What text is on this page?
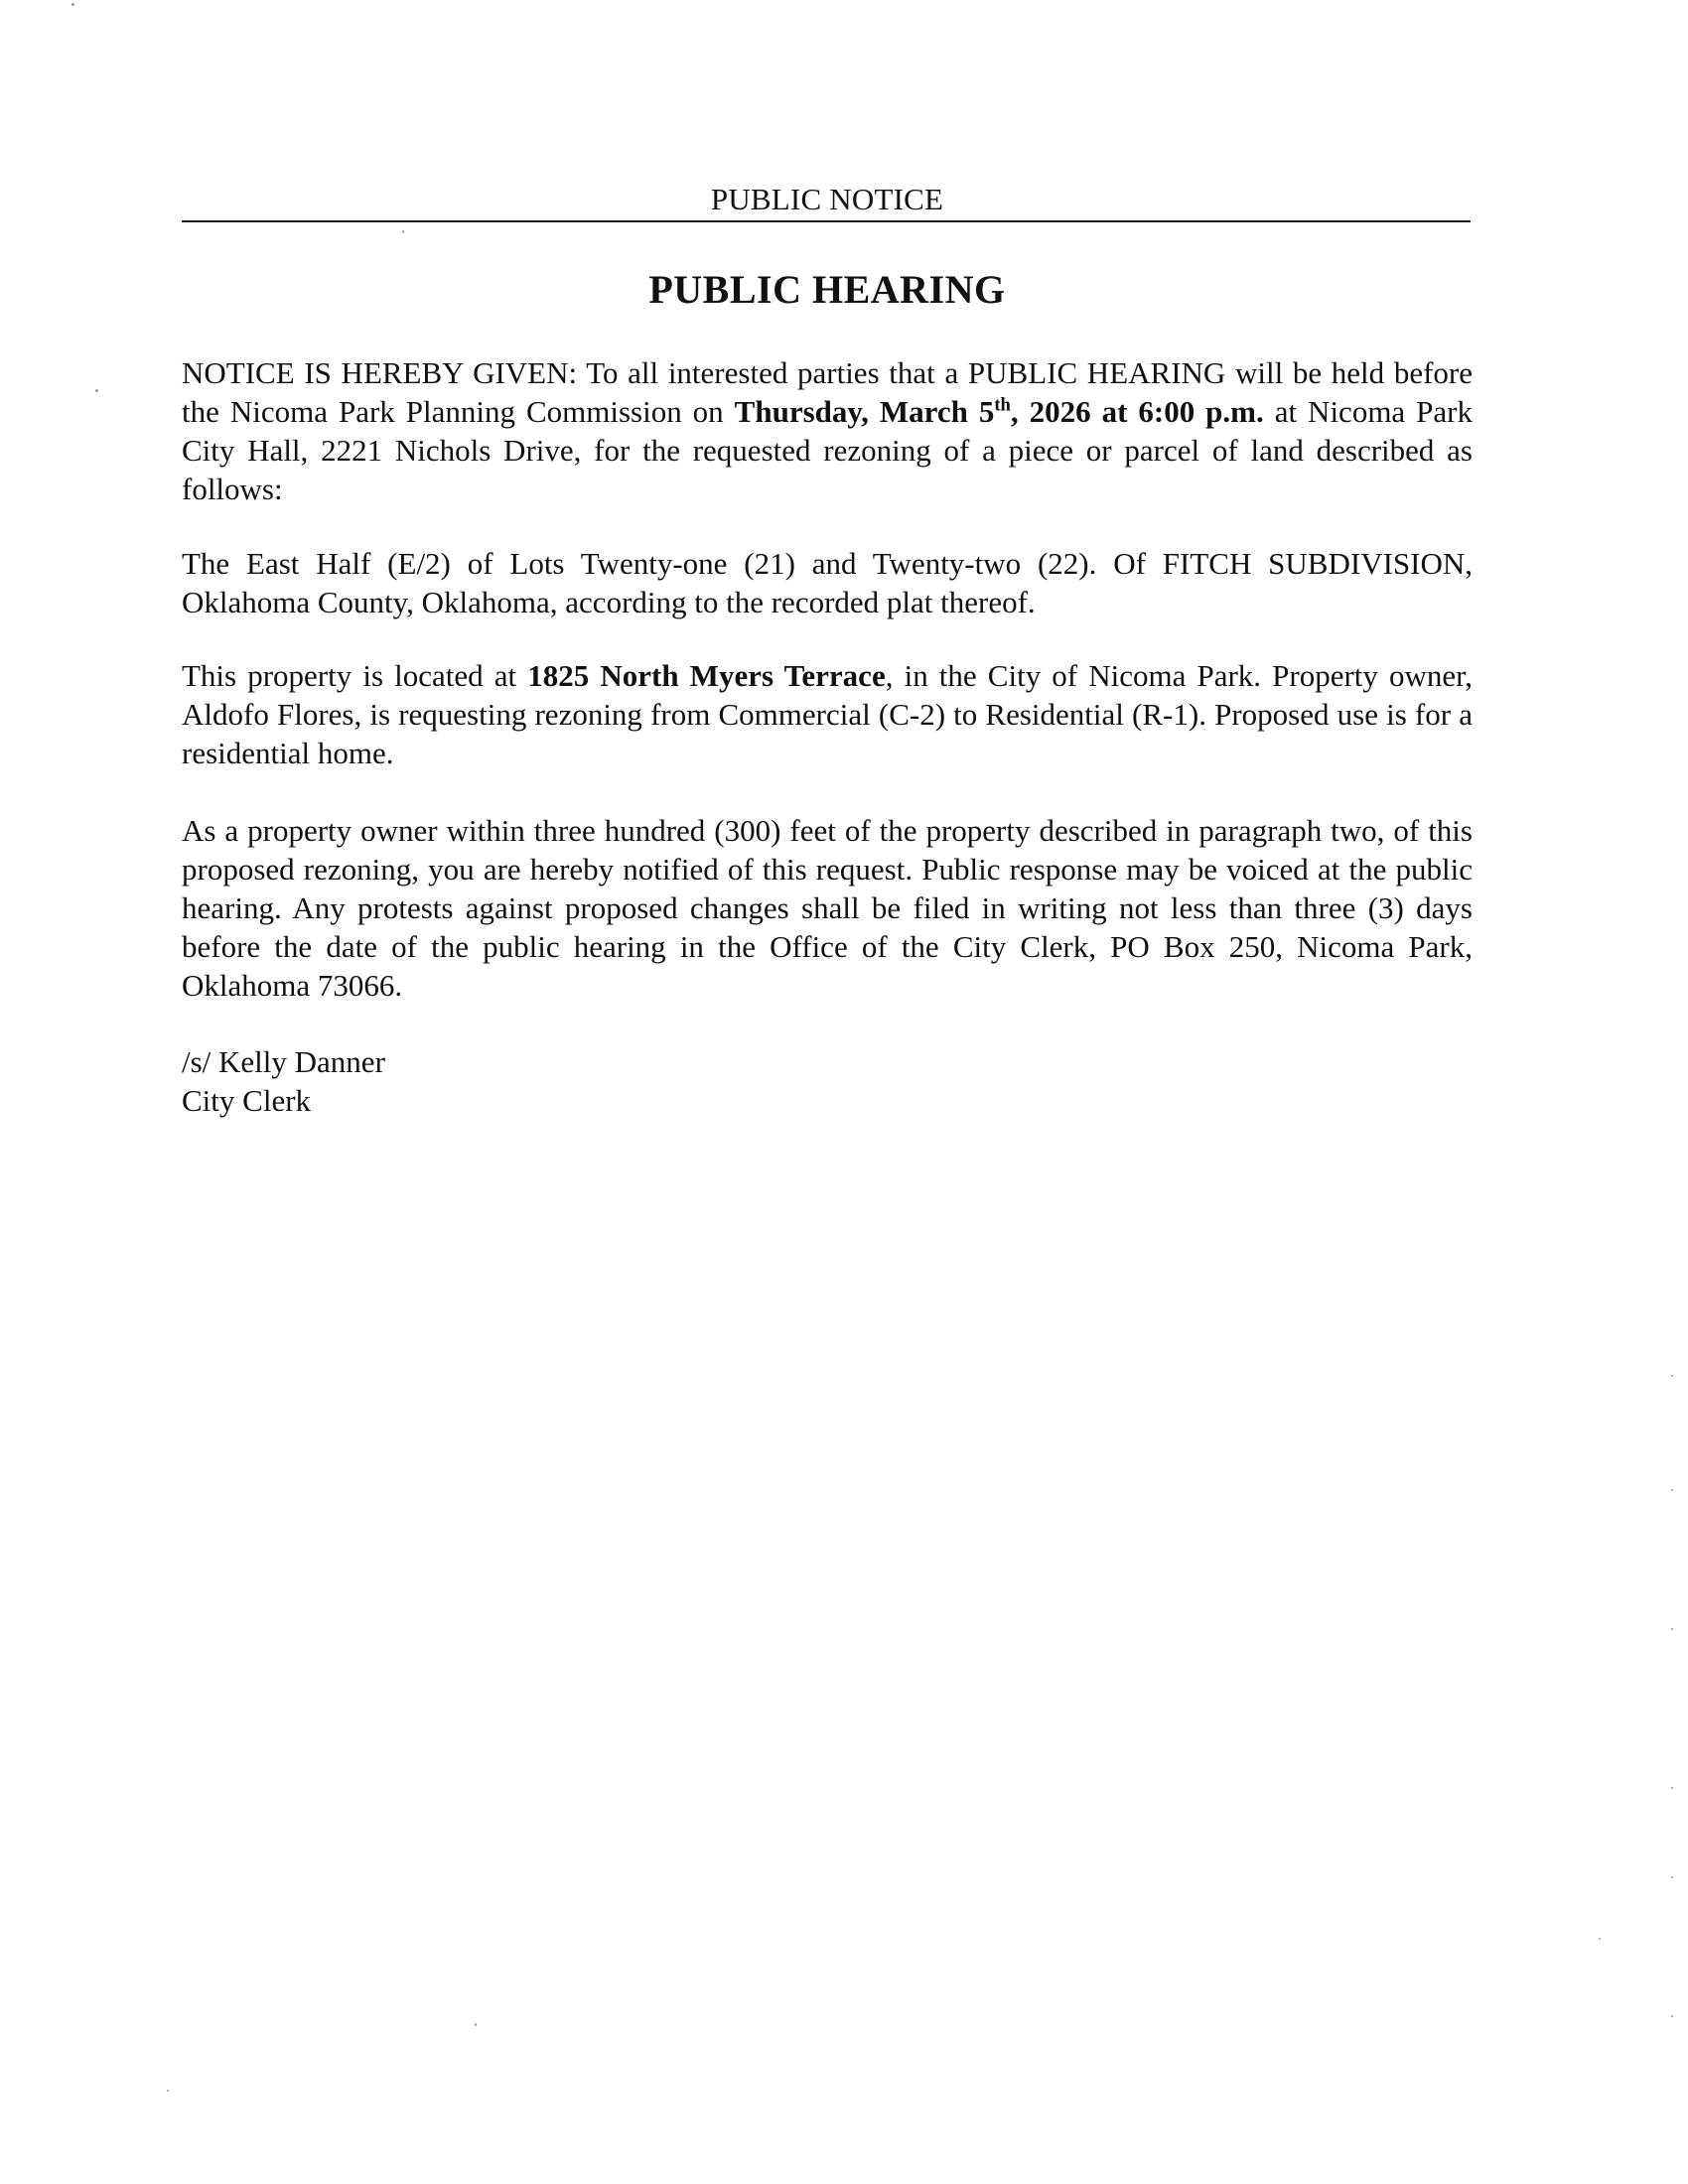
PUBLIC NOTICE
PUBLIC HEARING

NOTICE IS HEREBY GIVEN: To all interested parties that a PUBLIC HEARING will be held before the Nicoma Park Planning Commission on Thursday, March 5th, 2026 at 6:00 p.m. at Nicoma Park City Hall, 2221 Nichols Drive, for the requested rezoning of a piece or parcel of land described as follows:

The East Half (E/2) of Lots Twenty-one (21) and Twenty-two (22). Of FITCH SUBDIVISION, Oklahoma County, Oklahoma, according to the recorded plat thereof.

This property is located at 1825 North Myers Terrace, in the City of Nicoma Park. Property owner, Aldofo Flores, is requesting rezoning from Commercial (C-2) to Residential (R-1). Proposed use is for a residential home.

As a property owner within three hundred (300) feet of the property described in paragraph two, of this proposed rezoning, you are hereby notified of this request. Public response may be voiced at the public hearing. Any protests against proposed changes shall be filed in writing not less than three (3) days before the date of the public hearing in the Office of the City Clerk, PO Box 250, Nicoma Park, Oklahoma 73066.

/s/ Kelly Danner
City Clerk
